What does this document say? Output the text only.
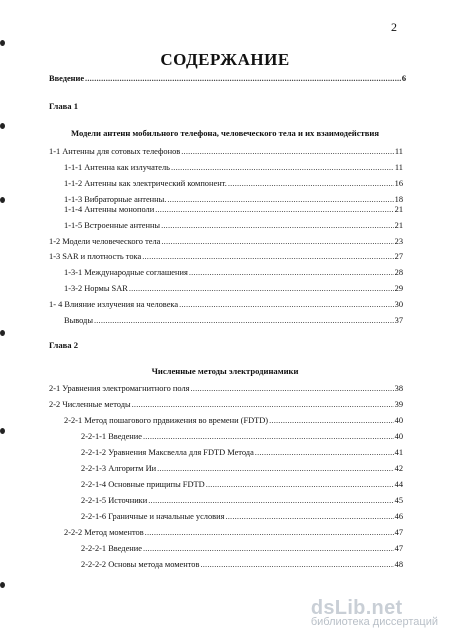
2
СОДЕРЖАНИЕ
Введение .....	6
Глава 1
Модели антенн мобильного телефона, человеческого тела и их взаимодействия
1-1 Антенны для сотовых телефонов .....	11
1-1-1 Антенна как излучатель .....	11
1-1-2 Антенны как электрический компонент. .....	16
1-1-3 Вибраторные антенны. .....	18
1-1-4 Антенны монополи .....	21
1-1-5 Встроенные антенны .....	21
1-2 Модели человеческого тела .....	23
1-3 SAR и плотность тока .....	27
1-3-1 Международные соглашения .....	28
1-3-2 Нормы SAR .....	29
1- 4 Влияние излучения на человека .....	30
Выводы .....	37
Глава 2
Численные методы электродинамики
2-1 Уравнения электромагнитного поля .....	38
2-2 Численные методы .....	39
2-2-1 Метод пошагового прдвижения во времени (FDTD) .....	40
2-2-1-1 Введение .....	40
2-2-1-2 Уравнения Максвелла для FDTD Метода .....	41
2-2-1-3 Алгоритм Ии .....	42
2-2-1-4 Основные прищипы FDTD .....	44
2-2-1-5 Источники .....	45
2-2-1-6 Граничные и начальные условия .....	46
2-2-2 Метод моментов .....	47
2-2-2-1 Введение .....	47
2-2-2-2 Основы метода моментов .....	48
dsLib.net
библиотека диссертаций
